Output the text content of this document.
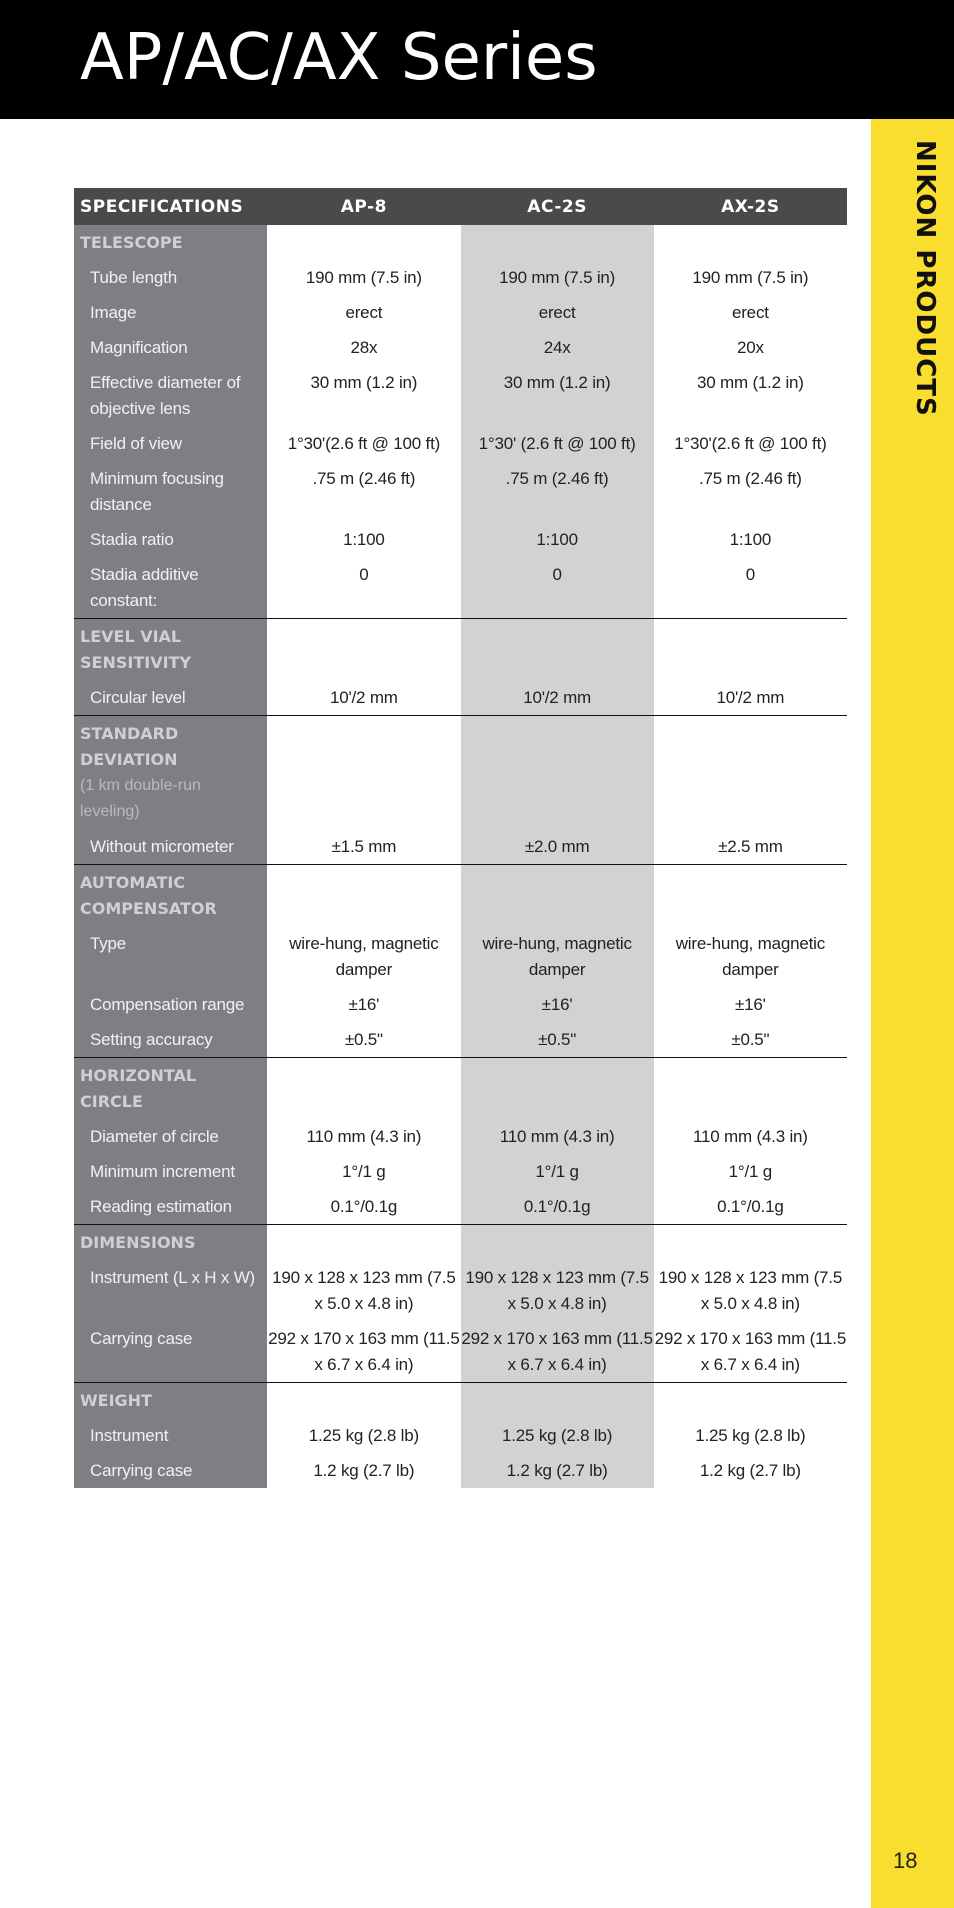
AP/AC/AX Series

NIKON PRODUCTS

SPECIFICATIONS	AP-8	AC-2S	AX-2S
TELESCOPE			
Tube length	190 mm (7.5 in)	190 mm (7.5 in)	190 mm (7.5 in)
Image	erect	erect	erect
Magnification	28x	24x	20x
Effective diameter of objective lens	30 mm (1.2 in)	30 mm (1.2 in)	30 mm (1.2 in)
Field of view	1°30'(2.6 ft @ 100 ft)	1°30' (2.6 ft @ 100 ft)	1°30'(2.6 ft @ 100 ft)
Minimum focusing distance	.75 m (2.46 ft)	.75 m (2.46 ft)	.75 m (2.46 ft)
Stadia ratio	1:100	1:100	1:100
Stadia additive constant:	0	0	0
LEVEL VIAL SENSITIVITY			
Circular level	10'/2 mm	10'/2 mm	10'/2 mm
STANDARD DEVIATION
(1 km double-run leveling)			

Without micrometer	±1.5 mm	±2.0 mm	±2.5 mm
AUTOMATIC COMPENSATOR			
Type	wire-hung, magnetic damper	wire-hung, magnetic damper	wire-hung, magnetic damper
Compensation range	±16'	±16'	±16'
Setting accuracy	±0.5"	±0.5"	±0.5"
HORIZONTAL CIRCLE			
Diameter of circle	110 mm (4.3 in)	110 mm (4.3 in)	110 mm (4.3 in)
Minimum increment	1°/1 g	1°/1 g	1°/1 g
Reading estimation	0.1°/0.1g	0.1°/0.1g	0.1°/0.1g
DIMENSIONS			
Instrument (L x H x W)	190 x 128 x 123 mm (7.5 x 5.0 x 4.8 in)	190 x 128 x 123 mm (7.5 x 5.0 x 4.8 in)	190 x 128 x 123 mm (7.5 x 5.0 x 4.8 in)
Carrying case	292 x 170 x 163 mm (11.5 x 6.7 x 6.4 in)	292 x 170 x 163 mm (11.5 x 6.7 x 6.4 in)	292 x 170 x 163 mm (11.5 x 6.7 x 6.4 in)
WEIGHT			
Instrument	1.25 kg (2.8 lb)	1.25 kg (2.8 lb)	1.25 kg (2.8 lb)
Carrying case	1.2 kg (2.7 lb)	1.2 kg (2.7 lb)	1.2 kg (2.7 lb)

18
